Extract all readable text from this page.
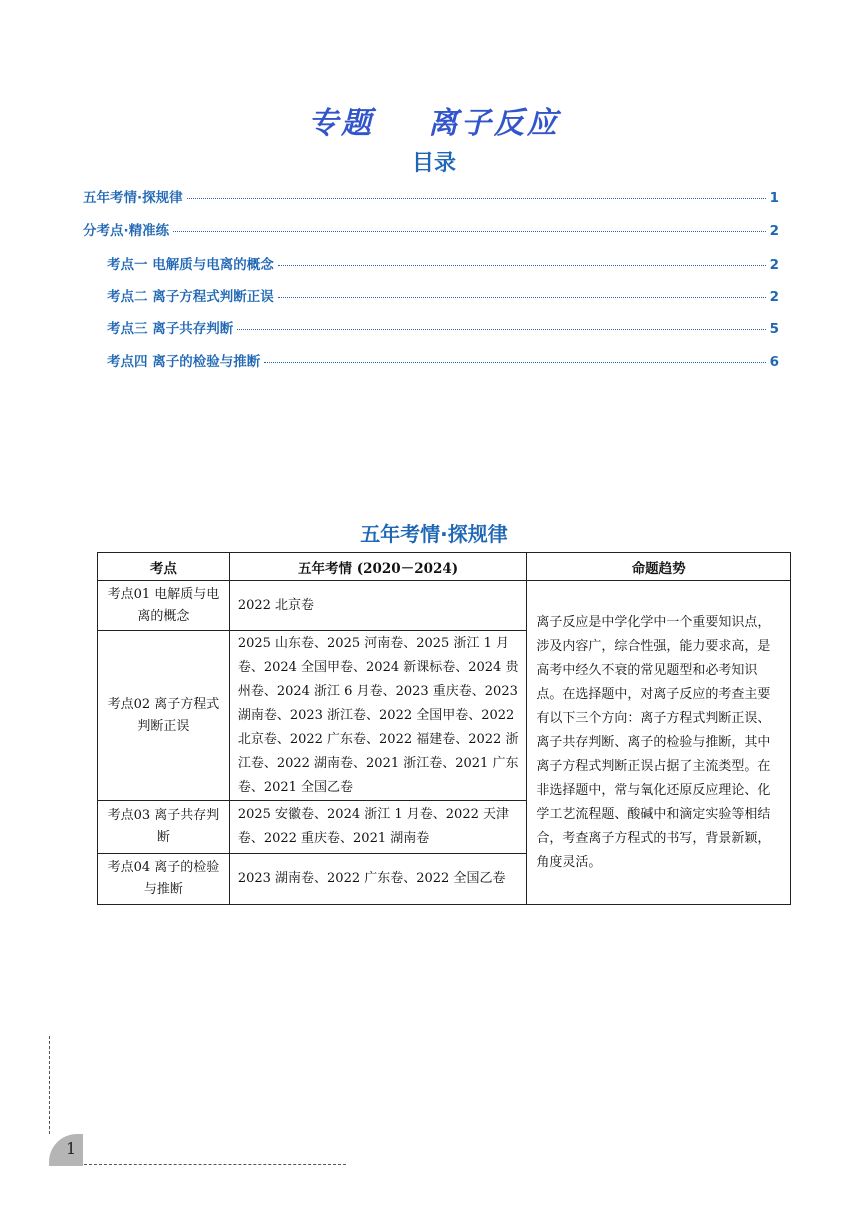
专题    离子反应
目录
五年考情·探规律	1
分考点·精准练	2
考点一 电解质与电离的概念	2
考点二 离子方程式判断正误	2
考点三 离子共存判断	5
考点四 离子的检验与推断	6
五年考情·探规律
考点	五年考情 (2020－2024)	命题趋势
考点01 电解质与电离的概念	2022 北京卷	离子反应是中学化学中一个重要知识点，涉及内容广，综合性强，能力要求高，是高考中经久不衰的常见题型和必考知识点。在选择题中，对离子反应的考查主要有以下三个方向：离子方程式判断正误、离子共存判断、离子的检验与推断，其中离子方程式判断正误占据了主流类型。在非选择题中，常与氧化还原反应理论、化学工艺流程题、酸碱中和滴定实验等相结合，考查离子方程式的书写，背景新颖，角度灵活。
考点02 离子方程式判断正误	2025 山东卷、2025 河南卷、2025 浙江 1 月卷、2024 全国甲卷、2024 新课标卷、2024 贵州卷、2024 浙江 6 月卷、2023 重庆卷、2023 湖南卷、2023 浙江卷、2022 全国甲卷、2022 北京卷、2022 广东卷、2022 福建卷、2022 浙江卷、2022 湖南卷、2021 浙江卷、2021 广东卷、2021 全国乙卷	
考点03 离子共存判断	2025 安徽卷、2024 浙江 1 月卷、2022 天津卷、2022 重庆卷、2021 湖南卷	
考点04 离子的检验与推断	2023 湖南卷、2022 广东卷、2022 全国乙卷	
1
